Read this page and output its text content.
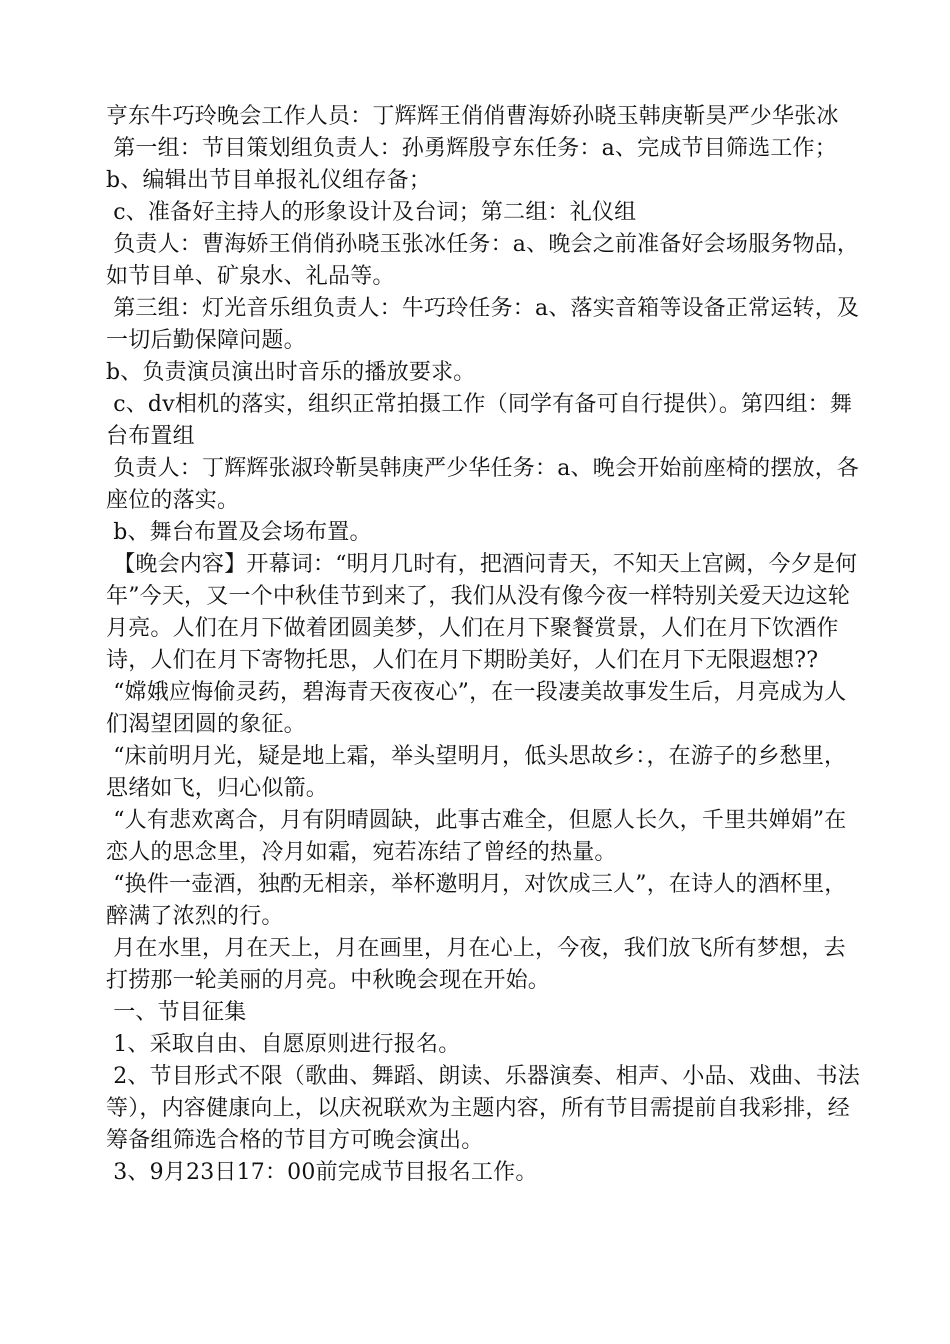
亨东牛巧玲晚会工作人员：丁辉辉王俏俏曹海娇孙晓玉韩庚靳昊严少华张冰

第一组：节目策划组负责人：孙勇辉殷亨东任务：a、完成节目筛选工作；b、编辑出节目单报礼仪组存备；

c、准备好主持人的形象设计及台词；第二组：礼仪组

负责人：曹海娇王俏俏孙晓玉张冰任务：a、晚会之前准备好会场服务物品，如节目单、矿泉水、礼品等。

第三组：灯光音乐组负责人：牛巧玲任务：a、落实音箱等设备正常运转，及一切后勤保障问题。

b、负责演员演出时音乐的播放要求。

c、dv相机的落实，组织正常拍摄工作（同学有备可自行提供）。第四组：舞台布置组

负责人：丁辉辉张淑玲靳昊韩庚严少华任务：a、晚会开始前座椅的摆放，各座位的落实。

b、舞台布置及会场布置。

【晚会内容】开幕词：“明月几时有，把酒问青天，不知天上宫阙，今夕是何年”今天，又一个中秋佳节到来了，我们从没有像今夜一样特别关爱天边这轮月亮。人们在月下做着团圆美梦，人们在月下聚餐赏景，人们在月下饮酒作诗，人们在月下寄物托思，人们在月下期盼美好，人们在月下无限遐想??

“嫦娥应悔偷灵药，碧海青天夜夜心”，在一段凄美故事发生后，月亮成为人们渴望团圆的象征。

“床前明月光，疑是地上霜，举头望明月，低头思故乡：，在游子的乡愁里，思绪如飞，归心似箭。

“人有悲欢离合，月有阴晴圆缺，此事古难全，但愿人长久，千里共婵娟”在恋人的思念里，冷月如霜，宛若冻结了曾经的热量。

“换件一壶酒，独酌无相亲，举杯邀明月，对饮成三人”，在诗人的酒杯里，醉满了浓烈的行。

月在水里，月在天上，月在画里，月在心上，今夜，我们放飞所有梦想，去打捞那一轮美丽的月亮。中秋晚会现在开始。

一、节目征集

1、采取自由、自愿原则进行报名。

2、节目形式不限（歌曲、舞蹈、朗读、乐器演奏、相声、小品、戏曲、书法等），内容健康向上，以庆祝联欢为主题内容，所有节目需提前自我彩排，经筹备组筛选合格的节目方可晚会演出。

3、9月23日17：00前完成节目报名工作。
